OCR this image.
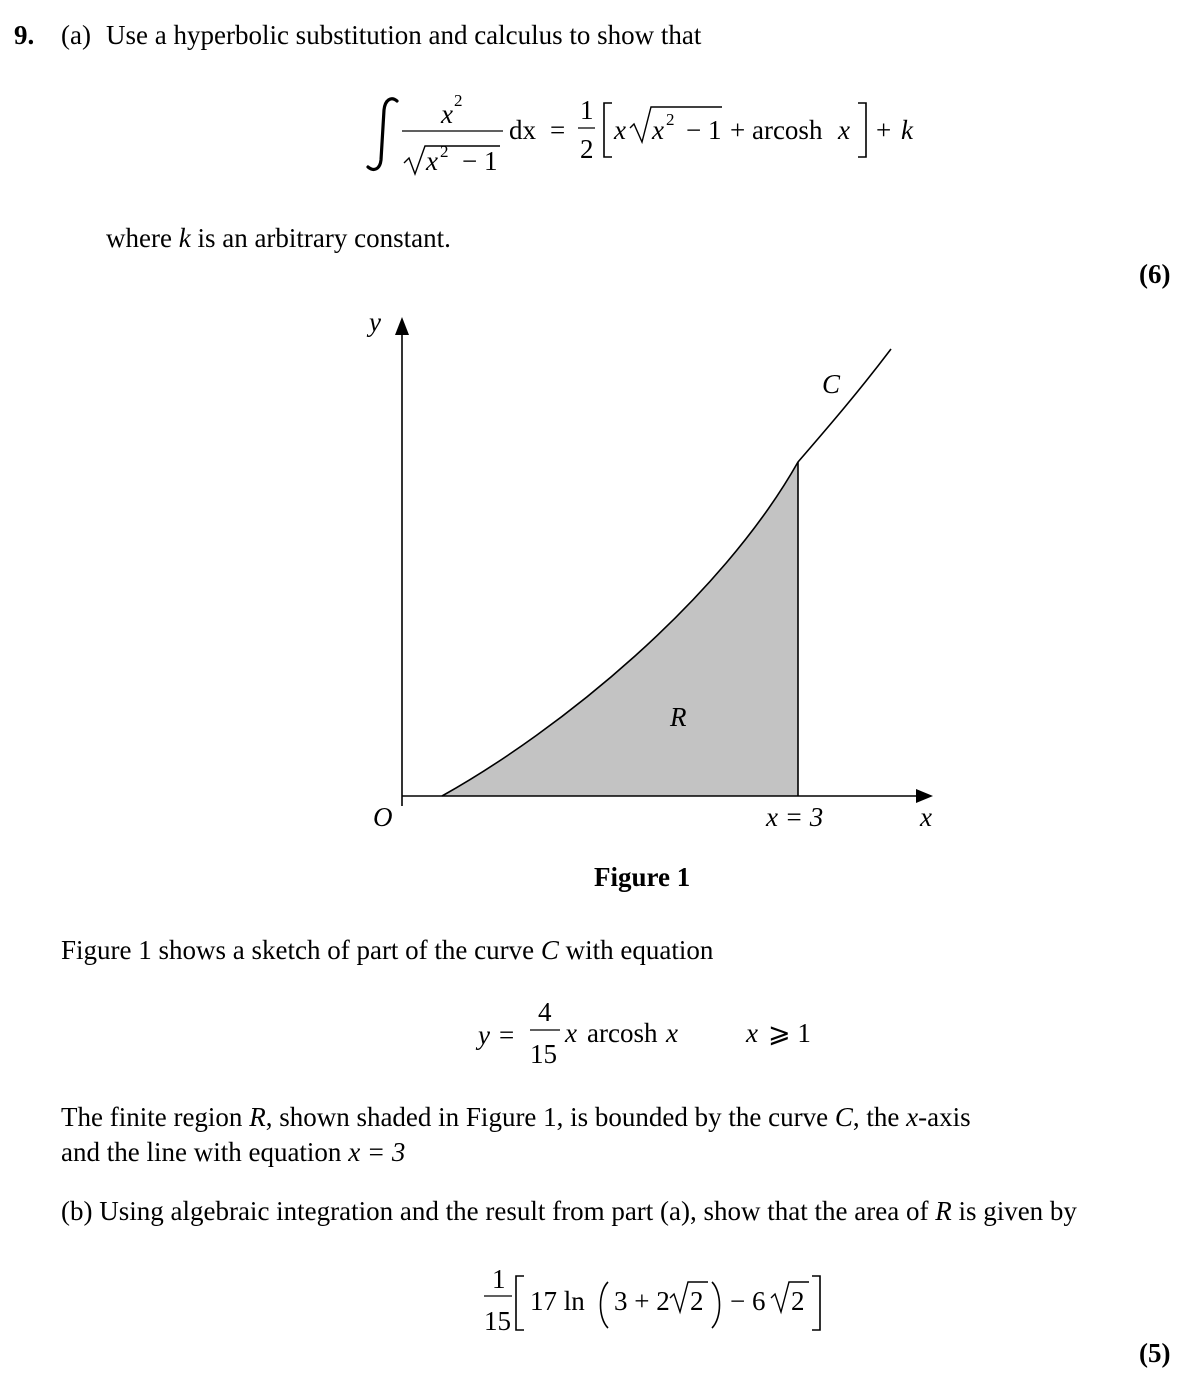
9. (a) Use a hyperbolic substitution and calculus to show that
x 2
x 2 − 1
dx =
1
2
x x 2 − 1 + arcosh x + k
where k is an arbitrary constant.
(6)
y
x
O
C
R
x = 3
Figure 1
Figure 1 shows a sketch of part of the curve C with equation
y =
4
15
x arcosh x	x ⩾ 1
The finite region R, shown shaded in Figure 1, is bounded by the curve C, the x-axis
and the line with equation x = 3
(b) Using algebraic integration and the result from part (a), show that the area of R is given by
1
15
17 ln 3 + 2 2 − 6 2
(5)
